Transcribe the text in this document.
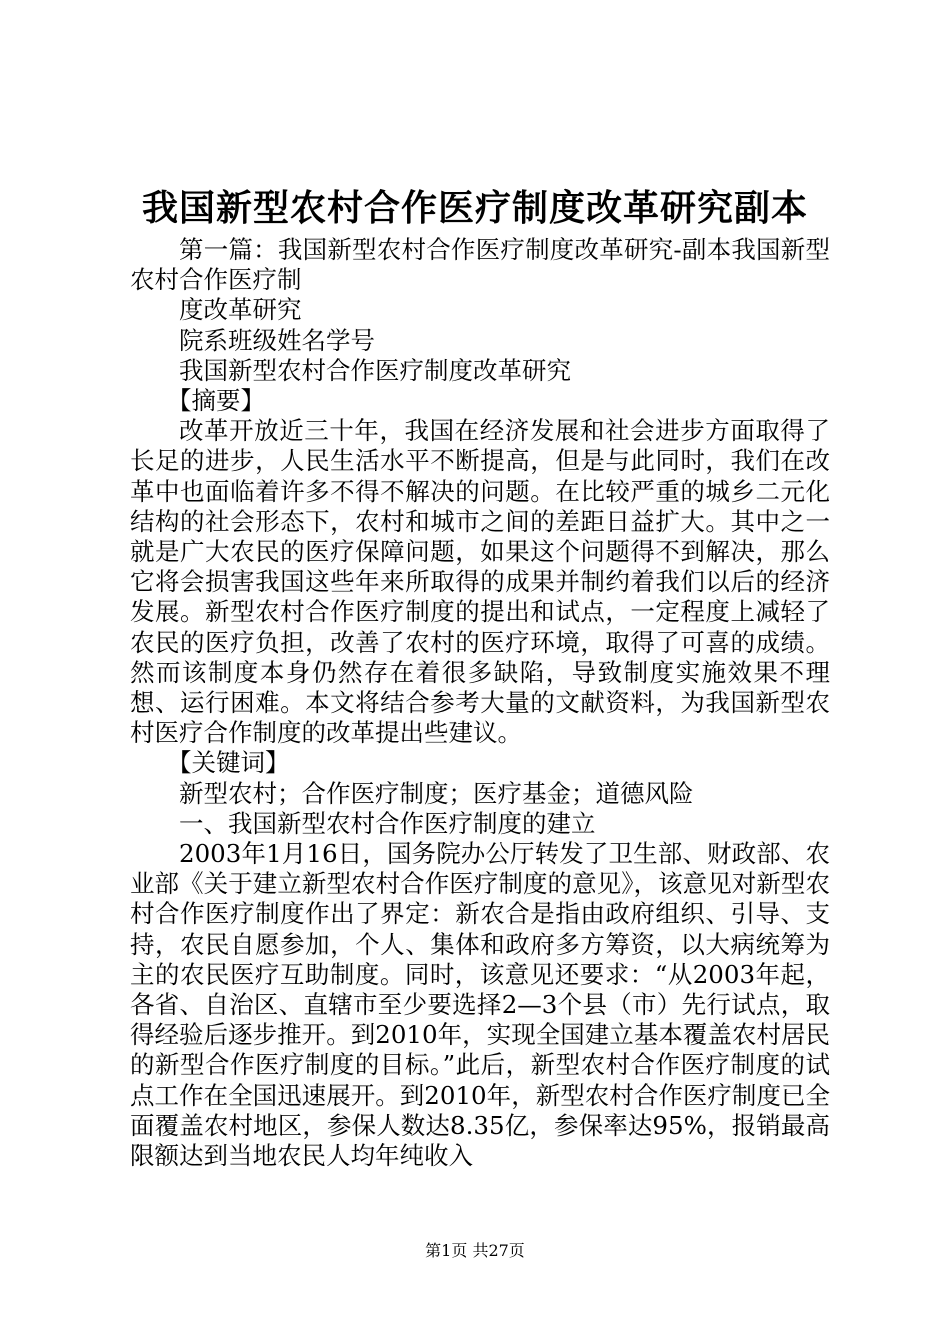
我国新型农村合作医疗制度改革研究副本

第一篇：我国新型农村合作医疗制度改革研究-副本我国新型农村合作医疗制

度改革研究

院系班级姓名学号

我国新型农村合作医疗制度改革研究

【摘要】

改革开放近三十年，我国在经济发展和社会进步方面取得了长足的进步，人民生活水平不断提高，但是与此同时，我们在改革中也面临着许多不得不解决的问题。在比较严重的城乡二元化结构的社会形态下，农村和城市之间的差距日益扩大。其中之一就是广大农民的医疗保障问题，如果这个问题得不到解决，那么它将会损害我国这些年来所取得的成果并制约着我们以后的经济发展。新型农村合作医疗制度的提出和试点，一定程度上减轻了农民的医疗负担，改善了农村的医疗环境，取得了可喜的成绩。然而该制度本身仍然存在着很多缺陷，导致制度实施效果不理想、运行困难。本文将结合参考大量的文献资料，为我国新型农村医疗合作制度的改革提出些建议。

【关键词】

新型农村；合作医疗制度；医疗基金；道德风险

一、我国新型农村合作医疗制度的建立

2003年1月16日，国务院办公厅转发了卫生部、财政部、农业部《关于建立新型农村合作医疗制度的意见》，该意见对新型农村合作医疗制度作出了界定：新农合是指由政府组织、引导、支持，农民自愿参加，个人、集体和政府多方筹资，以大病统筹为主的农民医疗互助制度。同时，该意见还要求：“从2003年起，各省、自治区、直辖市至少要选择2—3个县（市）先行试点，取得经验后逐步推开。到2010年，实现全国建立基本覆盖农村居民的新型合作医疗制度的目标。”此后，新型农村合作医疗制度的试点工作在全国迅速展开。到2010年，新型农村合作医疗制度已全面覆盖农村地区，参保人数达8.35亿，参保率达95%，报销最高限额达到当地农民人均年纯收入

第1页 共27页
